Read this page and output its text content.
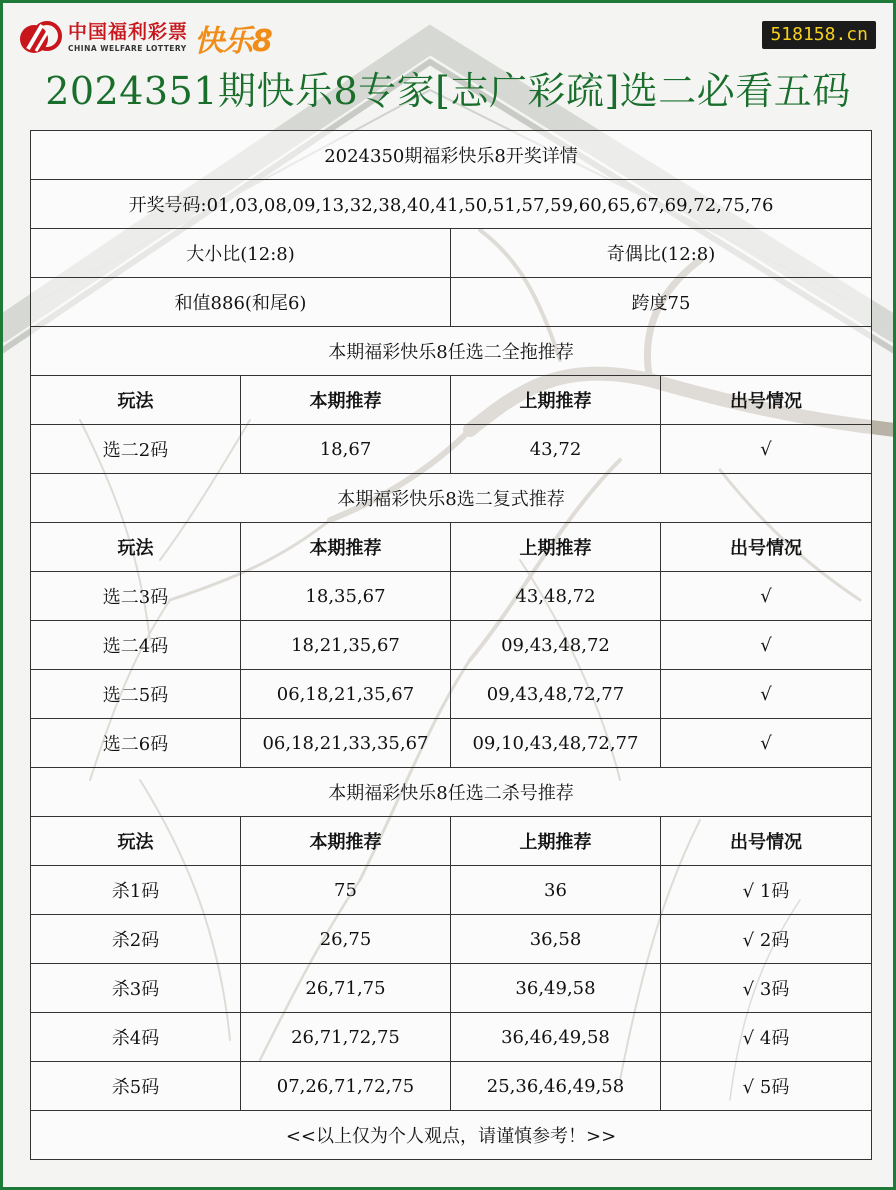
中国福利彩票
CHINA WELFARE LOTTERY 快乐8	518158.cn
2024351期快乐8专家[志广彩疏]选二必看五码
2024350期福彩快乐8开奖详情			
开奖号码:01,03,08,09,13,32,38,40,41,50,51,57,59,60,65,67,69,72,75,76			
大小比(12:8)		奇偶比(12:8)	
和值886(和尾6)		跨度75	
本期福彩快乐8任选二全拖推荐			
玩法	本期推荐	上期推荐	出号情况
选二2码	18,67	43,72	√
本期福彩快乐8选二复式推荐			
玩法	本期推荐	上期推荐	出号情况
选二3码	18,35,67	43,48,72	√
选二4码	18,21,35,67	09,43,48,72	√
选二5码	06,18,21,35,67	09,43,48,72,77	√
选二6码	06,18,21,33,35,67	09,10,43,48,72,77	√
本期福彩快乐8任选二杀号推荐			
玩法	本期推荐	上期推荐	出号情况
杀1码	75	36	√ 1码
杀2码	26,75	36,58	√ 2码
杀3码	26,71,75	36,49,58	√ 3码
杀4码	26,71,72,75	36,46,49,58	√ 4码
杀5码	07,26,71,72,75	25,36,46,49,58	√ 5码
<<以上仅为个人观点，请谨慎参考！>>			
